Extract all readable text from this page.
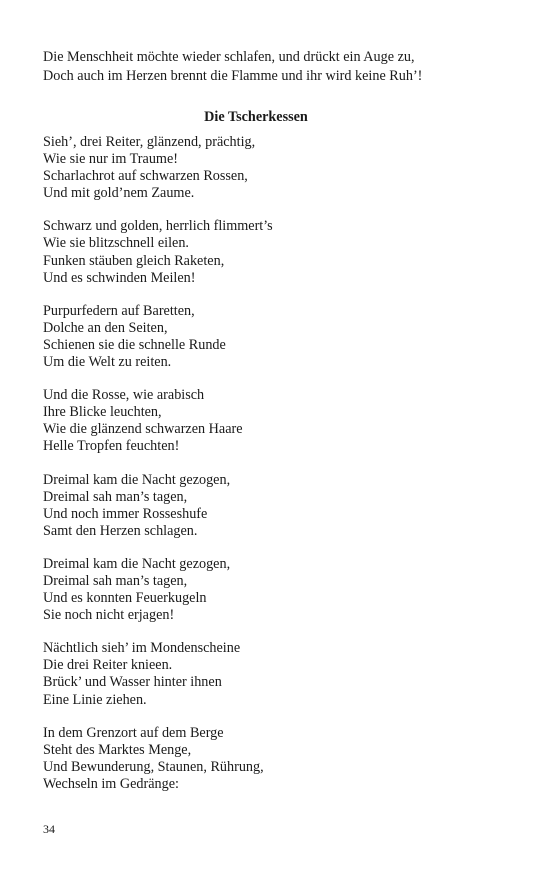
Die Menschheit möchte wieder schlafen, und drückt ein Auge zu,
Doch auch im Herzen brennt die Flamme und ihr wird keine Ruh’!
Die Tscherkessen
Sieh’, drei Reiter, glänzend, prächtig,
Wie sie nur im Traume!
Scharlachrot auf schwarzen Rossen,
Und mit gold’nem Zaume.
Schwarz und golden, herrlich flimmert’s
Wie sie blitzschnell eilen.
Funken stäuben gleich Raketen,
Und es schwinden Meilen!
Purpurfedern auf Baretten,
Dolche an den Seiten,
Schienen sie die schnelle Runde
Um die Welt zu reiten.
Und die Rosse, wie arabisch
Ihre Blicke leuchten,
Wie die glänzend schwarzen Haare
Helle Tropfen feuchten!
Dreimal kam die Nacht gezogen,
Dreimal sah man’s tagen,
Und noch immer Rosseshufe
Samt den Herzen schlagen.
Dreimal kam die Nacht gezogen,
Dreimal sah man’s tagen,
Und es konnten Feuerkugeln
Sie noch nicht erjagen!
Nächtlich sieh’ im Mondenscheine
Die drei Reiter knieen.
Brück’ und Wasser hinter ihnen
Eine Linie ziehen.
In dem Grenzort auf dem Berge
Steht des Marktes Menge,
Und Bewunderung, Staunen, Rührung,
Wechseln im Gedränge:
34
